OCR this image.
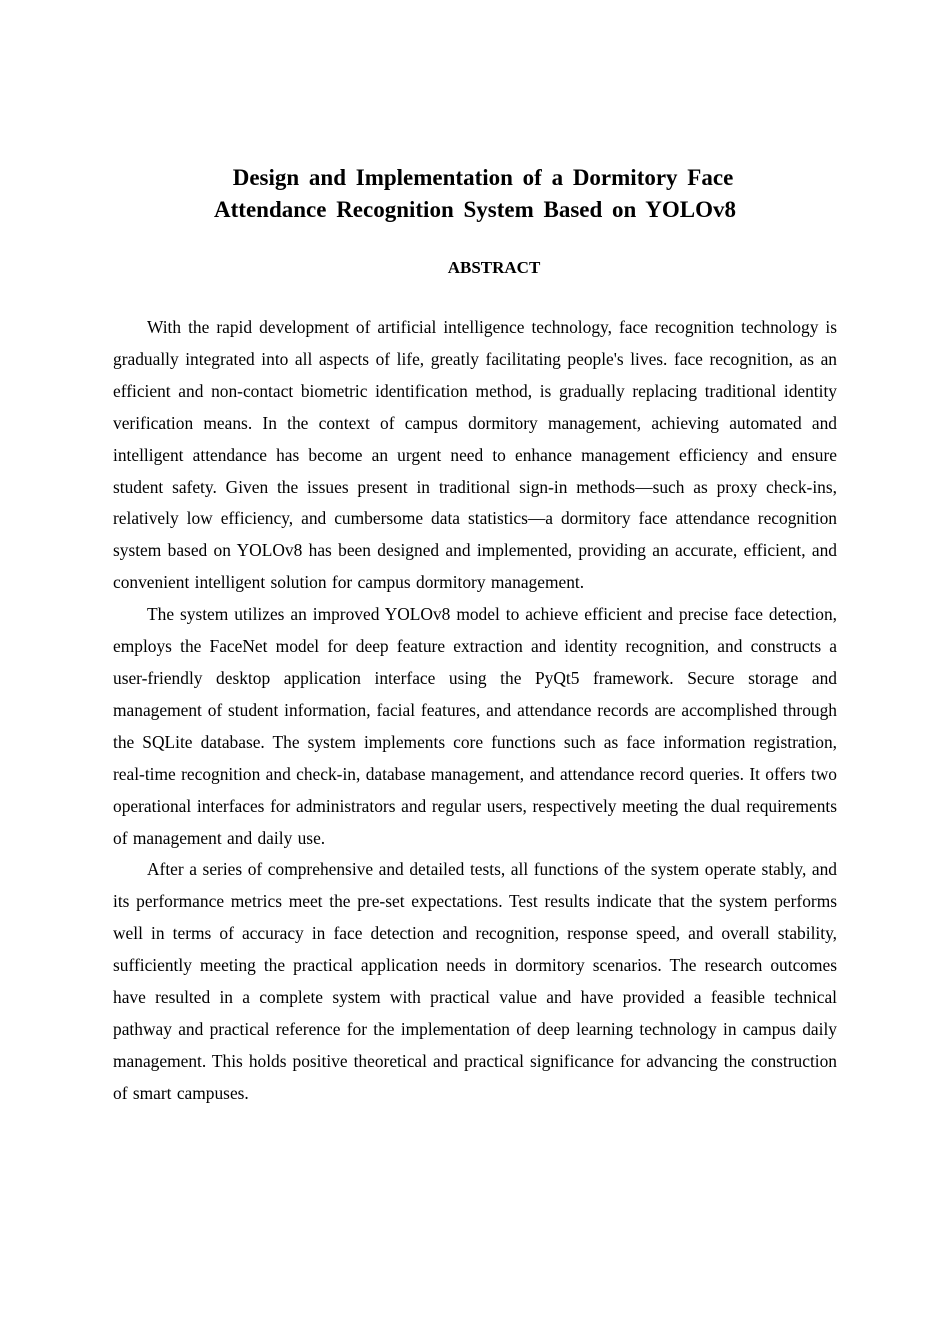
Design and Implementation of a Dormitory Face
Attendance Recognition System Based on YOLOv8
ABSTRACT

With the rapid development of artificial intelligence technology, face recognition technology is gradually integrated into all aspects of life, greatly facilitating people's lives. face recognition, as an efficient and non-contact biometric identification method, is gradually replacing traditional identity verification means. In the context of campus dormitory management, achieving automated and intelligent attendance has become an urgent need to enhance management efficiency and ensure student safety. Given the issues present in traditional sign-in methods—such as proxy check-ins, relatively low efficiency, and cumbersome data statistics—a dormitory face attendance recognition system based on YOLOv8 has been designed and implemented, providing an accurate, efficient, and convenient intelligent solution for campus dormitory management.

The system utilizes an improved YOLOv8 model to achieve efficient and precise face detection, employs the FaceNet model for deep feature extraction and identity recognition, and constructs a user-friendly desktop application interface using the PyQt5 framework. Secure storage and management of student information, facial features, and attendance records are accomplished through the SQLite database. The system implements core functions such as face information registration, real-time recognition and check-in, database management, and attendance record queries. It offers two operational interfaces for administrators and regular users, respectively meeting the dual requirements of management and daily use.

After a series of comprehensive and detailed tests, all functions of the system operate stably, and its performance metrics meet the pre-set expectations. Test results indicate that the system performs well in terms of accuracy in face detection and recognition, response speed, and overall stability, sufficiently meeting the practical application needs in dormitory scenarios. The research outcomes have resulted in a complete system with practical value and have provided a feasible technical pathway and practical reference for the implementation of deep learning technology in campus daily management. This holds positive theoretical and practical significance for advancing the construction of smart campuses.
